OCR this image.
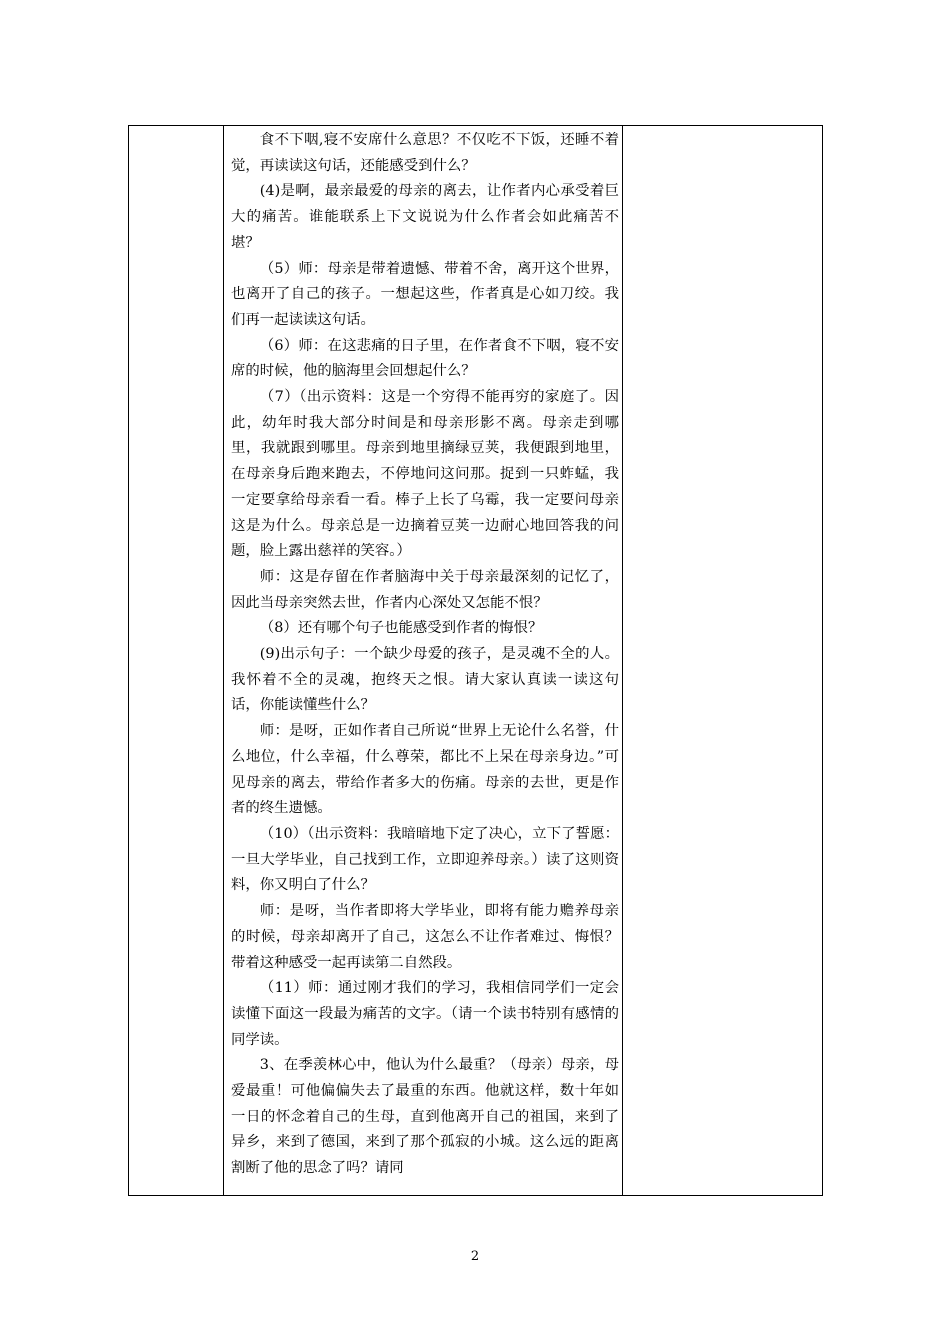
食不下咽,寝不安席什么意思？不仅吃不下饭，还睡不着觉，再读读这句话，还能感受到什么？

(4)是啊，最亲最爱的母亲的离去，让作者内心承受着巨大的痛苦。谁能联系上下文说说为什么作者会如此痛苦不堪？

（5）师：母亲是带着遗憾、带着不舍，离开这个世界，也离开了自己的孩子。一想起这些，作者真是心如刀绞。我们再一起读读这句话。

（6）师：在这悲痛的日子里，在作者食不下咽，寝不安席的时候，他的脑海里会回想起什么？

（7）（出示资料：这是一个穷得不能再穷的家庭了。因此，幼年时我大部分时间是和母亲形影不离。母亲走到哪里，我就跟到哪里。母亲到地里摘绿豆荚，我便跟到地里，在母亲身后跑来跑去，不停地问这问那。捉到一只蚱蜢，我一定要拿给母亲看一看。棒子上长了乌霉，我一定要问母亲这是为什么。母亲总是一边摘着豆荚一边耐心地回答我的问题，脸上露出慈祥的笑容。）

师：这是存留在作者脑海中关于母亲最深刻的记忆了，因此当母亲突然去世，作者内心深处又怎能不恨？

（8）还有哪个句子也能感受到作者的悔恨？

(9)出示句子：一个缺少母爱的孩子，是灵魂不全的人。我怀着不全的灵魂，抱终天之恨。请大家认真读一读这句话，你能读懂些什么？

师：是呀，正如作者自己所说“世界上无论什么名誉，什么地位，什么幸福，什么尊荣，都比不上呆在母亲身边。”可见母亲的离去，带给作者多大的伤痛。母亲的去世，更是作者的终生遗憾。

（10）（出示资料：我暗暗地下定了决心，立下了誓愿：一旦大学毕业，自己找到工作，立即迎养母亲。）读了这则资料，你又明白了什么？

师：是呀，当作者即将大学毕业，即将有能力赡养母亲的时候，母亲却离开了自己，这怎么不让作者难过、悔恨？带着这种感受一起再读第二自然段。

（11）师：通过刚才我们的学习，我相信同学们一定会读懂下面这一段最为痛苦的文字。（请一个读书特别有感情的同学读。

3、在季羡林心中，他认为什么最重？（母亲）母亲，母爱最重！可他偏偏失去了最重的东西。他就这样，数十年如一日的怀念着自己的生母，直到他离开自己的祖国，来到了异乡，来到了德国，来到了那个孤寂的小城。这么远的距离割断了他的思念了吗？请同

2
